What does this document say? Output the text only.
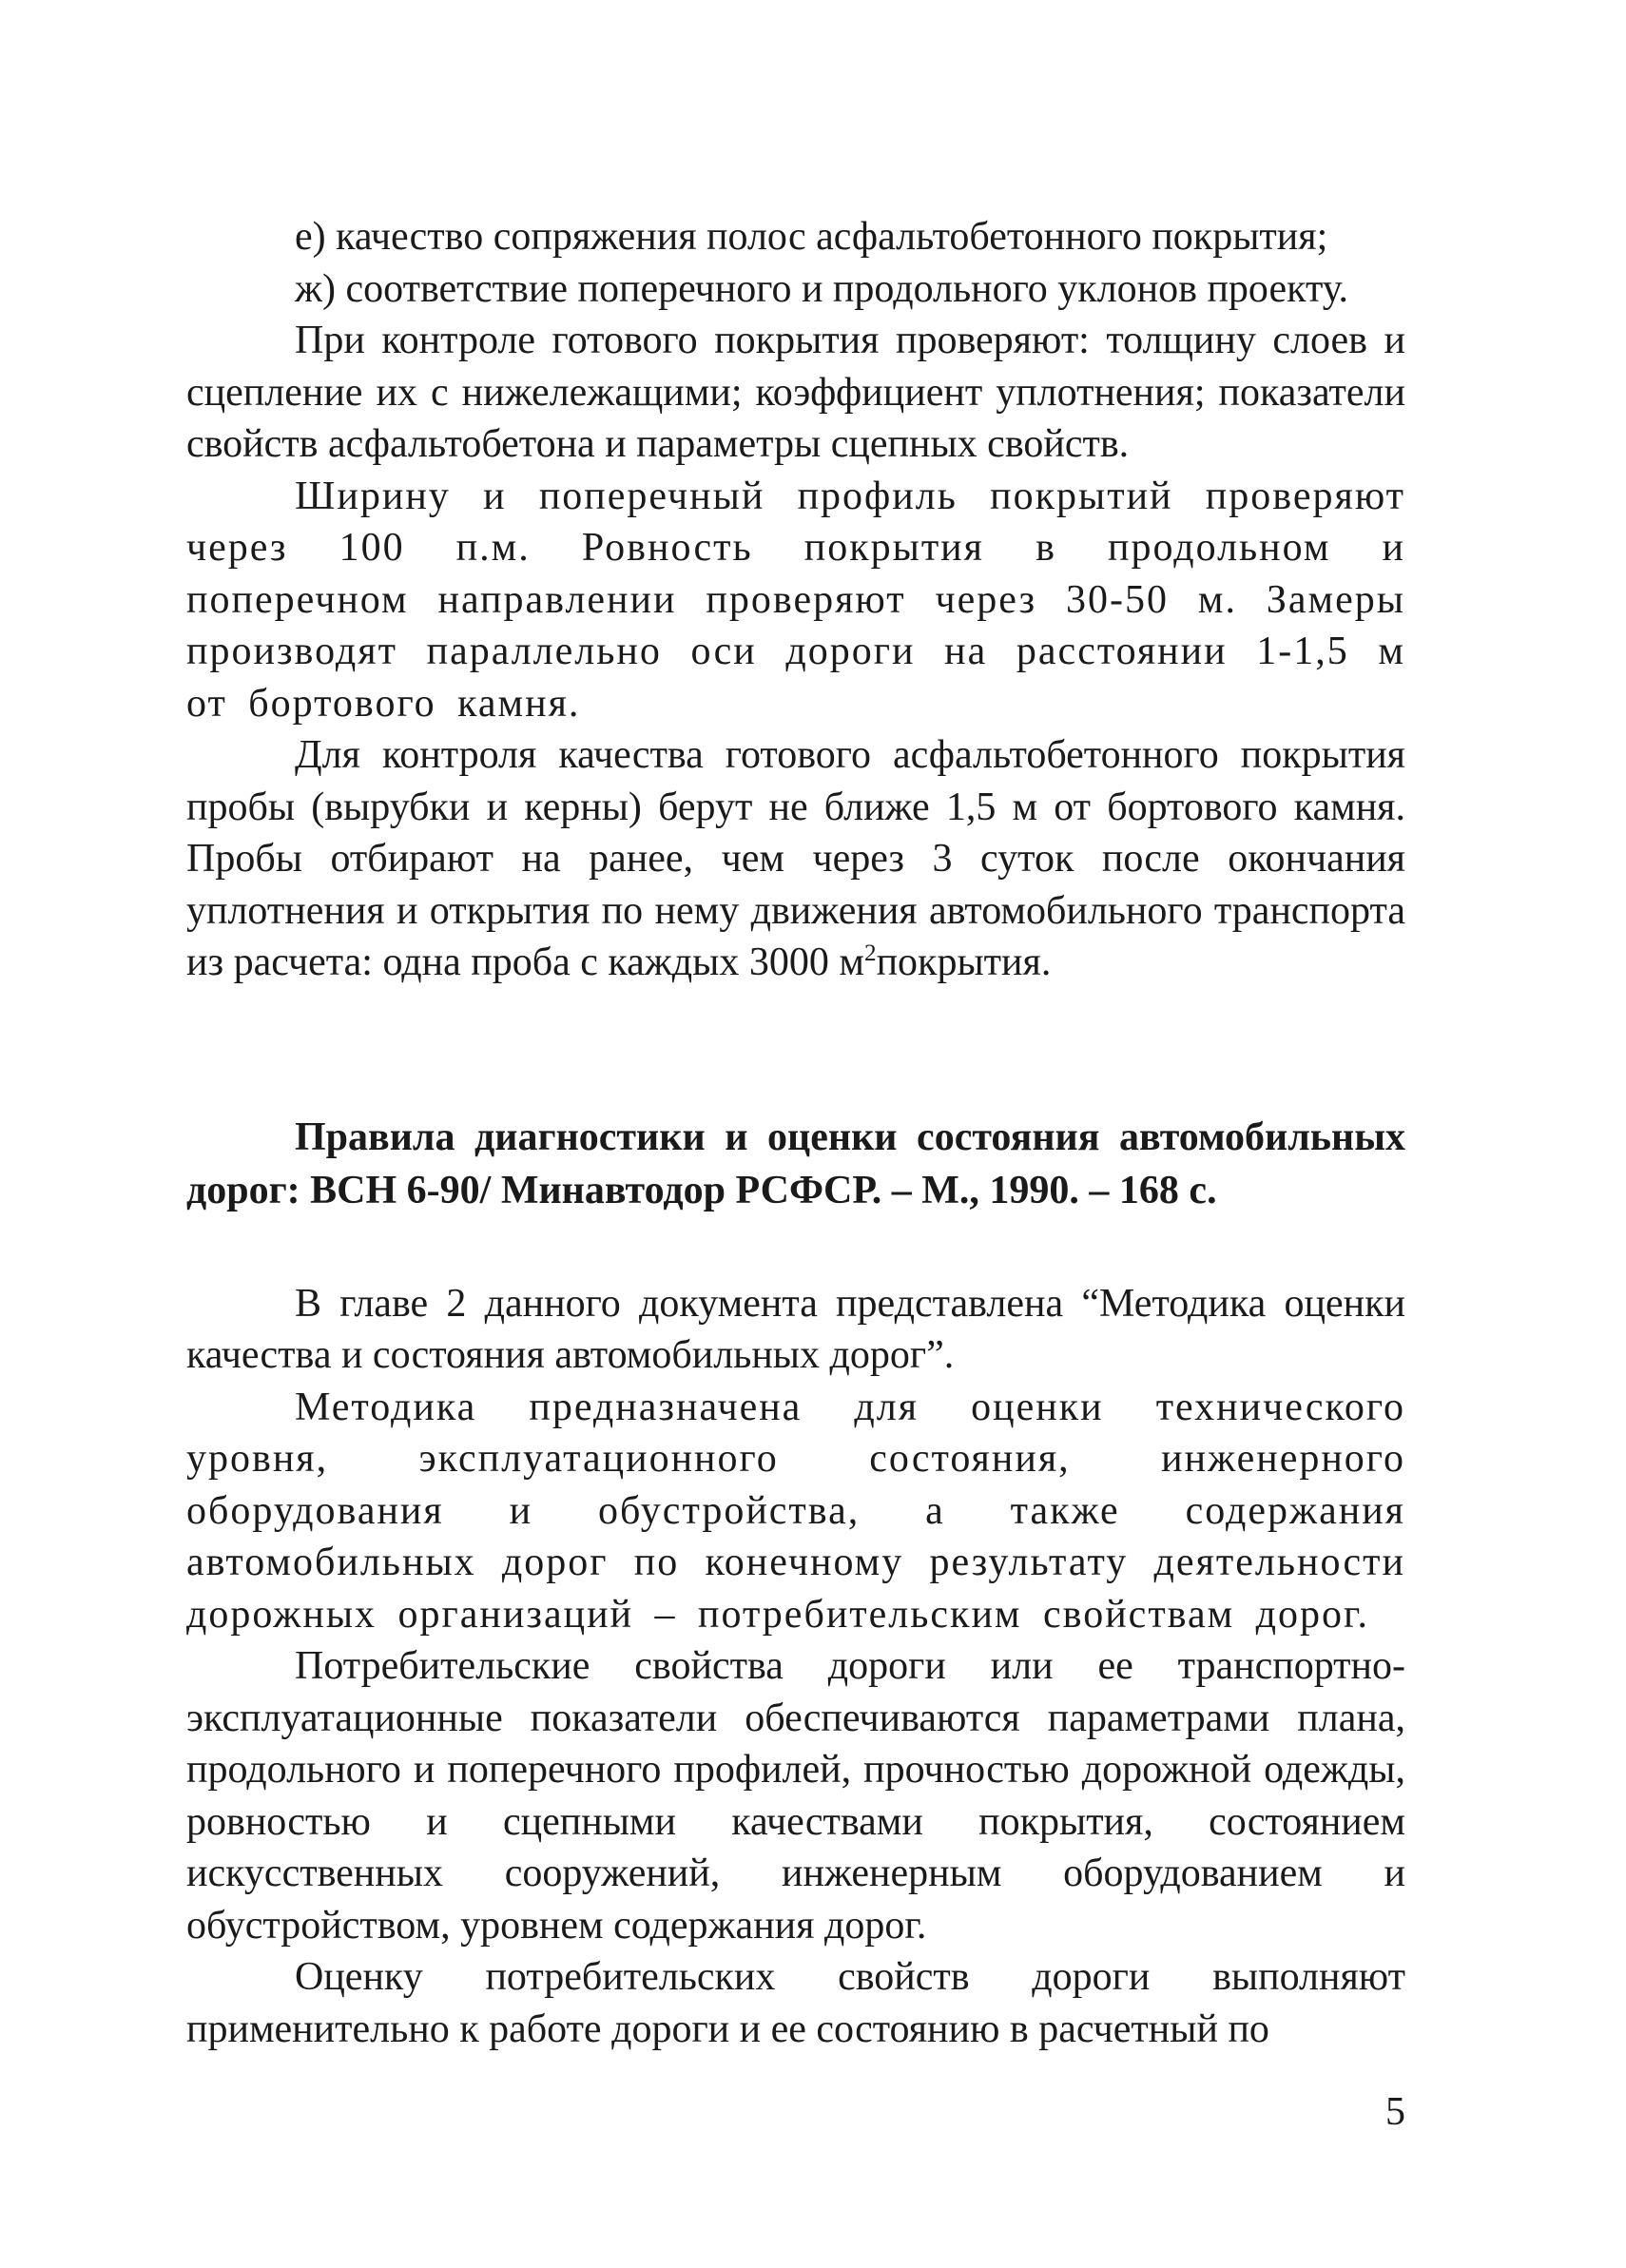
е) качество сопряжения полос асфальтобетонного покрытия;

ж) соответствие поперечного и продольного уклонов проекту.

При контроле готового покрытия проверяют: толщину слоев и сцепление их с нижележащими; коэффициент уплотнения; показатели свойств асфальтобетона и параметры сцепных свойств.

Ширину и поперечный профиль покрытий проверяют через 100 п.м. Ровность покрытия в продольном и поперечном направлении проверяют через 30-50 м. Замеры производят параллельно оси дороги на расстоянии 1-1,5 м от бортового камня.

Для контроля качества готового асфальтобетонного покрытия пробы (вырубки и керны) берут не ближе 1,5 м от бортового камня. Пробы отбирают на ранее, чем через 3 суток после окончания уплотнения и открытия по нему движения автомобильного транспорта из расчета: одна проба с каждых 3000 $м^2покрытия$.

Правила диагностики и оценки состояния автомобильных дорог: ВСН 6-90/ Минавтодор РСФСР. – М., 1990. – 168 с.

В главе 2 данного документа представлена “Методика оценки качества и состояния автомобильных дорог”.

Методика предназначена для оценки технического уровня, эксплуатационного состояния, инженерного оборудования и обустройства, а также содержания автомобильных дорог по конечному результату деятельности дорожных организаций – потребительским свойствам дорог.

Потребительские свойства дороги или ее транспортно-эксплуатационные показатели обеспечиваются параметрами плана, продольного и поперечного профилей, прочностью дорожной одежды, ровностью и сцепными качествами покрытия, состоянием искусственных сооружений, инженерным оборудованием и обустройством, уровнем содержания дорог.

Оценку потребительских свойств дороги выполняют применительно к работе дороги и ее состоянию в расчетный по

5
